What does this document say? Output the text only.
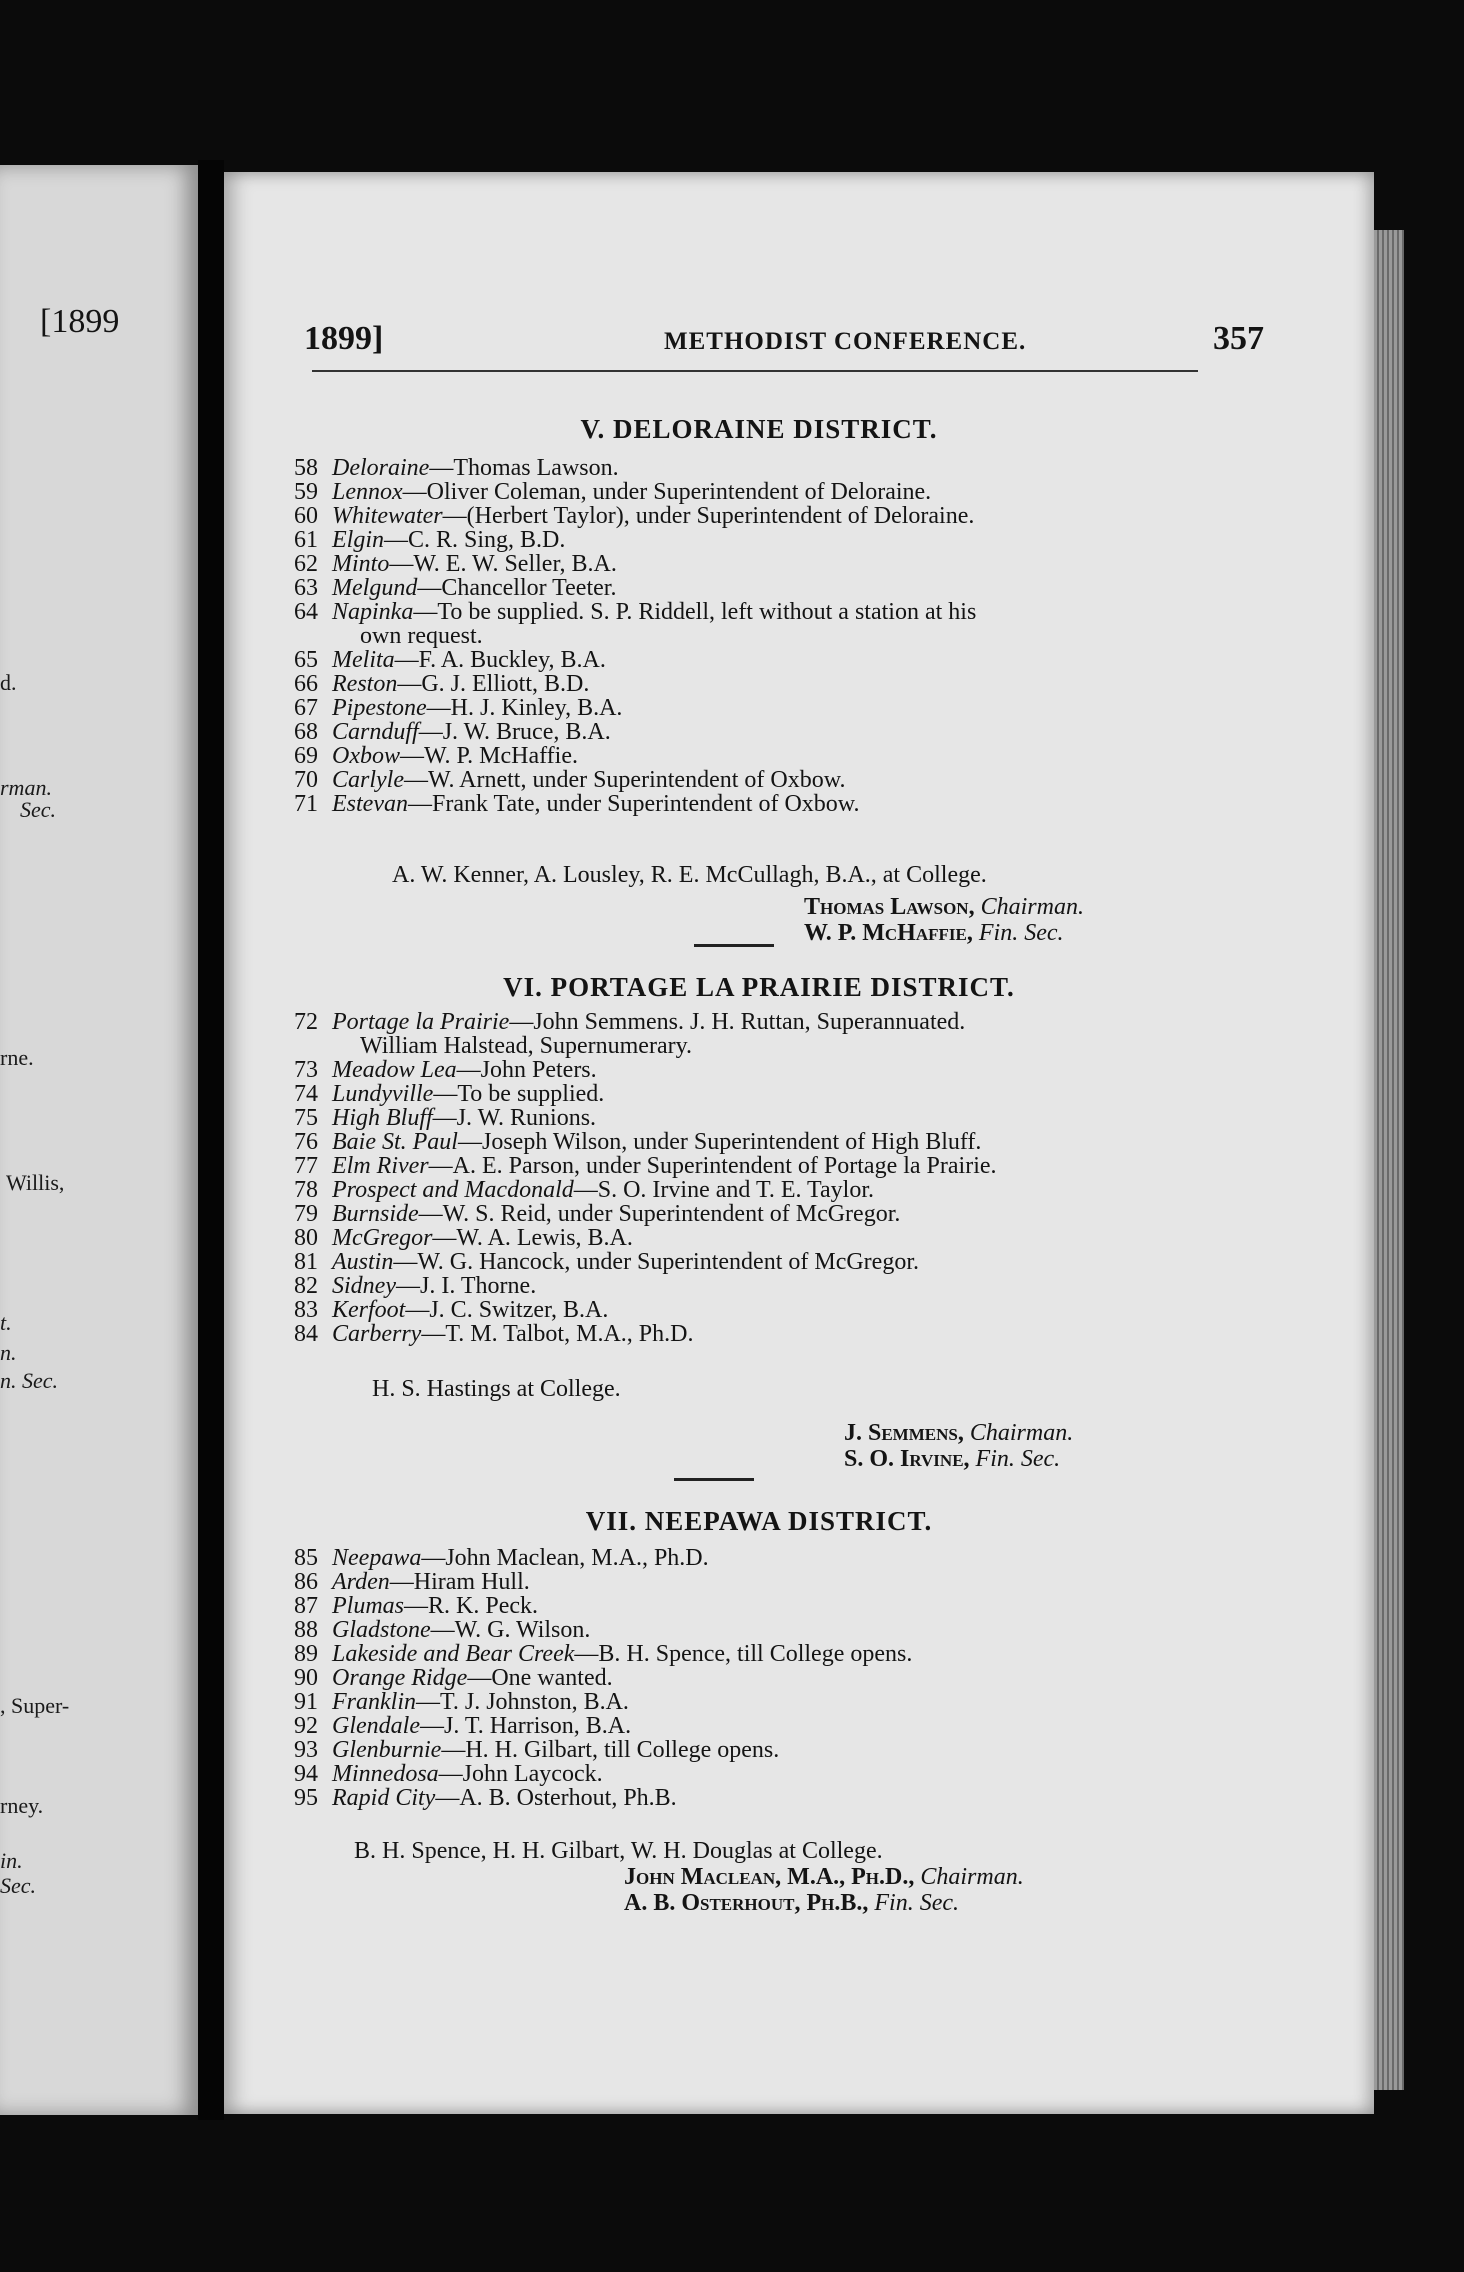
[1899
d.
rman.
Sec.
rne.
Willis,
t.
n.
n. Sec.
, Super-
rney.
in.
Sec.
1899]	METHODIST CONFERENCE.	357
V. DELORAINE DISTRICT.
58 Deloraine—Thomas Lawson.
59 Lennox—Oliver Coleman, under Superintendent of Deloraine.
60 Whitewater—(Herbert Taylor), under Superintendent of Deloraine.
61 Elgin—C. R. Sing, B.D.
62 Minto—W. E. W. Seller, B.A.
63 Melgund—Chancellor Teeter.
64 Napinka—To be supplied. S. P. Riddell, left without a station at his
own request.
65 Melita—F. A. Buckley, B.A.
66 Reston—G. J. Elliott, B.D.
67 Pipestone—H. J. Kinley, B.A.
68 Carnduff—J. W. Bruce, B.A.
69 Oxbow—W. P. McHaffie.
70 Carlyle—W. Arnett, under Superintendent of Oxbow.
71 Estevan—Frank Tate, under Superintendent of Oxbow.
A. W. Kenner, A. Lousley, R. E. McCullagh, B.A., at College.
Thomas Lawson, Chairman.
W. P. McHaffie, Fin. Sec.
VI. PORTAGE LA PRAIRIE DISTRICT.
72 Portage la Prairie—John Semmens. J. H. Ruttan, Superannuated.
William Halstead, Supernumerary.
73 Meadow Lea—John Peters.
74 Lundyville—To be supplied.
75 High Bluff—J. W. Runions.
76 Baie St. Paul—Joseph Wilson, under Superintendent of High Bluff.
77 Elm River—A. E. Parson, under Superintendent of Portage la Prairie.
78 Prospect and Macdonald—S. O. Irvine and T. E. Taylor.
79 Burnside—W. S. Reid, under Superintendent of McGregor.
80 McGregor—W. A. Lewis, B.A.
81 Austin—W. G. Hancock, under Superintendent of McGregor.
82 Sidney—J. I. Thorne.
83 Kerfoot—J. C. Switzer, B.A.
84 Carberry—T. M. Talbot, M.A., Ph.D.
H. S. Hastings at College.
J. Semmens, Chairman.
S. O. Irvine, Fin. Sec.
VII. NEEPAWA DISTRICT.
85 Neepawa—John Maclean, M.A., Ph.D.
86 Arden—Hiram Hull.
87 Plumas—R. K. Peck.
88 Gladstone—W. G. Wilson.
89 Lakeside and Bear Creek—B. H. Spence, till College opens.
90 Orange Ridge—One wanted.
91 Franklin—T. J. Johnston, B.A.
92 Glendale—J. T. Harrison, B.A.
93 Glenburnie—H. H. Gilbart, till College opens.
94 Minnedosa—John Laycock.
95 Rapid City—A. B. Osterhout, Ph.B.
B. H. Spence, H. H. Gilbart, W. H. Douglas at College.
John Maclean, M.A., Ph.D., Chairman.
A. B. Osterhout, Ph.B., Fin. Sec.
